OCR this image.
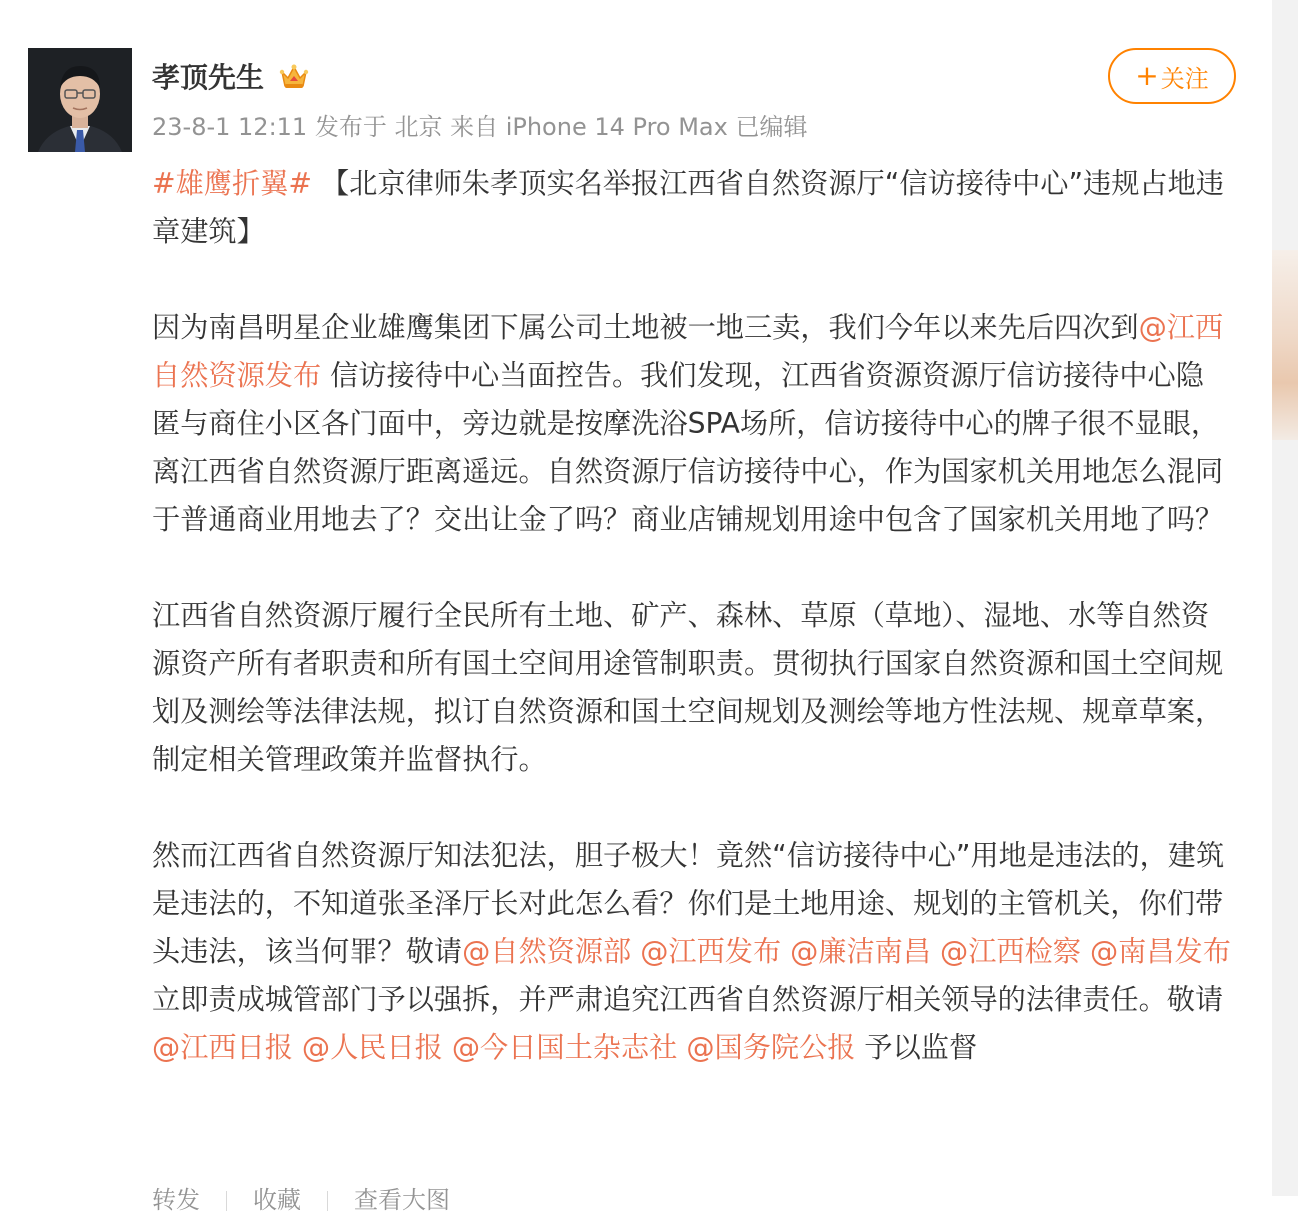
孝顶先生
23-8-1 12:11 发布于 北京 来自 iPhone 14 Pro Max 已编辑
+ 关注

#雄鹰折翼# 【北京律师朱孝顶实名举报江西省自然资源厅“信访接待中心”违规占地违章建筑】

因为南昌明星企业雄鹰集团下属公司土地被一地三卖，我们今年以来先后四次到@江西自然资源发布 信访接待中心当面控告。我们发现，江西省资源资源厅信访接待中心隐匿与商住小区各门面中，旁边就是按摩洗浴SPA场所，信访接待中心的牌子很不显眼，离江西省自然资源厅距离遥远。自然资源厅信访接待中心，作为国家机关用地怎么混同于普通商业用地去了？交出让金了吗？商业店铺规划用途中包含了国家机关用地了吗？

江西省自然资源厅履行全民所有土地、矿产、森林、草原（草地）、湿地、水等自然资源资产所有者职责和所有国土空间用途管制职责。贯彻执行国家自然资源和国土空间规划及测绘等法律法规，拟订自然资源和国土空间规划及测绘等地方性法规、规章草案，制定相关管理政策并监督执行。

然而江西省自然资源厅知法犯法，胆子极大！竟然“信访接待中心”用地是违法的，建筑是违法的，不知道张圣泽厅长对此怎么看？你们是土地用途、规划的主管机关，你们带头违法，该当何罪？敬请@自然资源部 @江西发布 @廉洁南昌 @江西检察 @南昌发布 立即责成城管部门予以强拆，并严肃追究江西省自然资源厅相关领导的法律责任。敬请@江西日报 @人民日报 @今日国土杂志社 @国务院公报 予以监督

转发 收藏 查看大图
